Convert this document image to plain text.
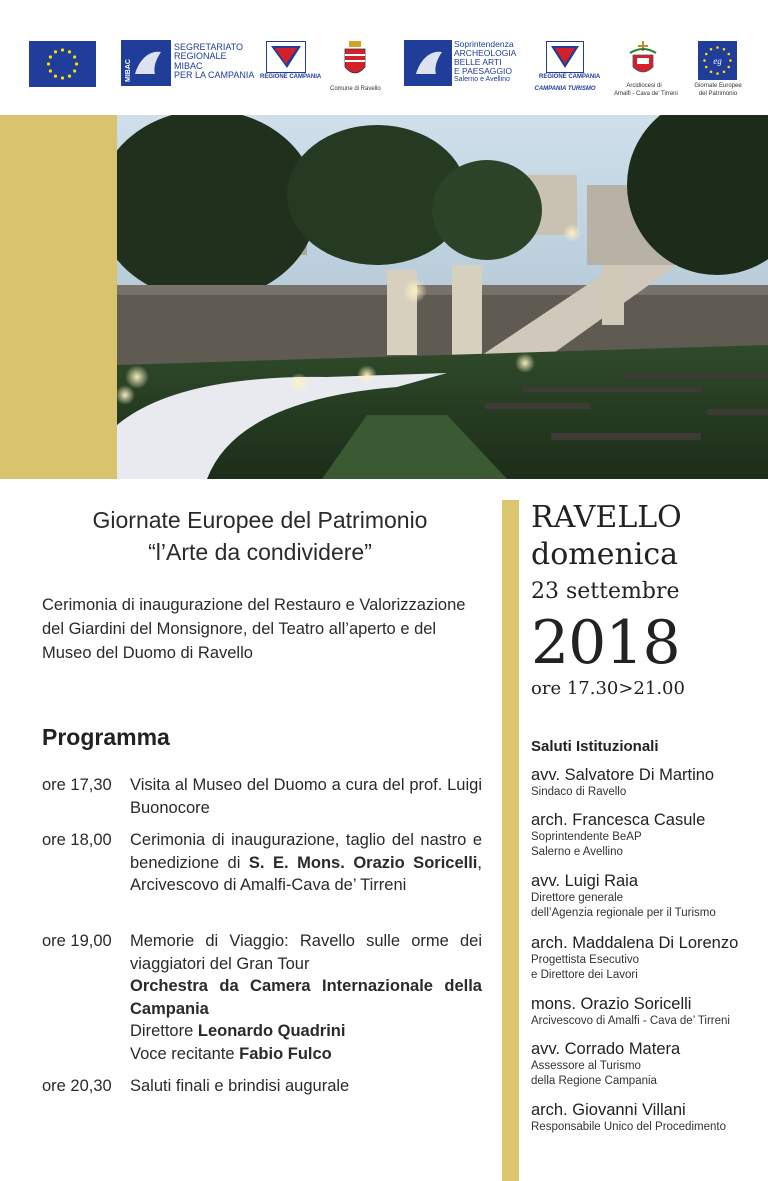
MIBAC
SEGRETARIATO
REGIONALE
MIBAC
PER LA CAMPANIA REGIONE CAMPANIA
Comune di Ravello
Soprintendenza
ARCHEOLOGIA
BELLE ARTI
E PAESAGGIO
Salerno e Avellino	REGIONE CAMPANIA
CAMPANIA TURISMO	Arcidiocesi di
Amalfi - Cava de' Tirreni
eg
Giornate Europee
del Patrimonio
Giornate Europee del Patrimonio
“l’Arte da condividere”
Cerimonia di inaugurazione del Restauro e Valorizzazione del Giardini del Monsignore, del Teatro all’aperto e del Museo del Duomo di Ravello
Programma
ore 17,30	Visita al Museo del Duomo a cura del prof. Luigi Buonocore
ore 18,00	Cerimonia di inaugurazione, taglio del nastro e benedizione di S. E. Mons. Orazio Soricelli, Arcivescovo di Amalfi-Cava de’ Tirreni
ore 19,00	Memorie di Viaggio: Ravello sulle orme dei viaggiatori del Gran Tour
Orchestra da Camera Internazionale della Campania
Direttore Leonardo Quadrini
Voce recitante Fabio Fulco
ore 20,30	Saluti finali e brindisi augurale
RAVELLO
domenica
23 settembre
2018
ore 17.30>21.00
Saluti Istituzionali
avv. Salvatore Di Martino
Sindaco di Ravello
arch. Francesca Casule
Soprintendente BeAP
Salerno e Avellino
avv. Luigi Raia
Direttore generale
dell’Agenzia regionale per il Turismo
arch. Maddalena Di Lorenzo
Progettista Esecutivo
e Direttore dei Lavori
mons. Orazio Soricelli
Arcivescovo di Amalfi - Cava de’ Tirreni
avv. Corrado Matera
Assessore al Turismo
della Regione Campania
arch. Giovanni Villani
Responsabile Unico del Procedimento
